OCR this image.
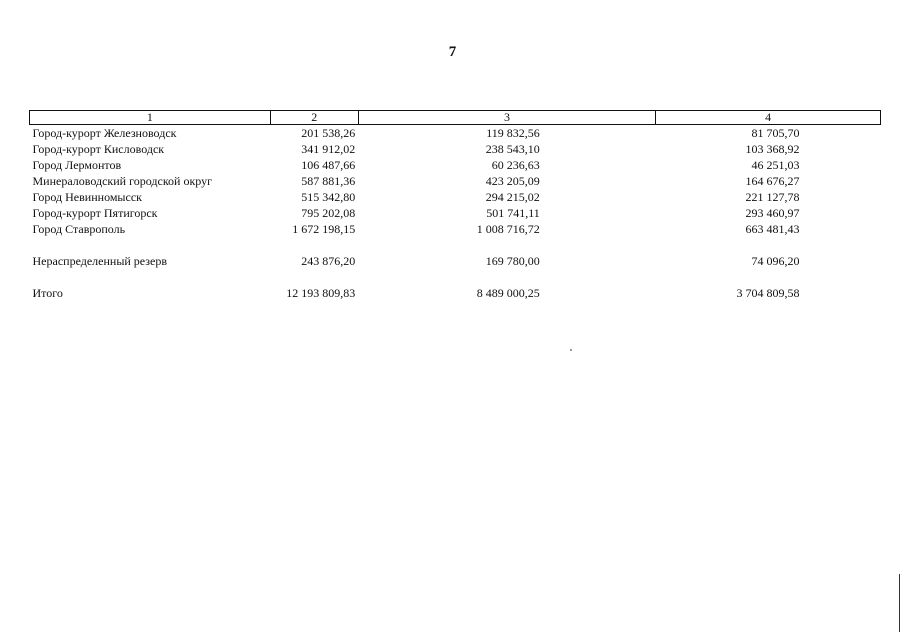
7
1	2	3	4
Город-курорт Железноводск	201 538,26	119 832,56	81 705,70
Город-курорт Кисловодск	341 912,02	238 543,10	103 368,92
Город Лермонтов	106 487,66	60 236,63	46 251,03
Минераловодский городской округ	587 881,36	423 205,09	164 676,27
Город Невинномысск	515 342,80	294 215,02	221 127,78
Город-курорт Пятигорск	795 202,08	501 741,11	293 460,97
Город Ставрополь	1 672 198,15	1 008 716,72	663 481,43

Нераспределенный резерв	243 876,20	169 780,00	74 096,20

Итого	12 193 809,83	8 489 000,25	3 704 809,58
